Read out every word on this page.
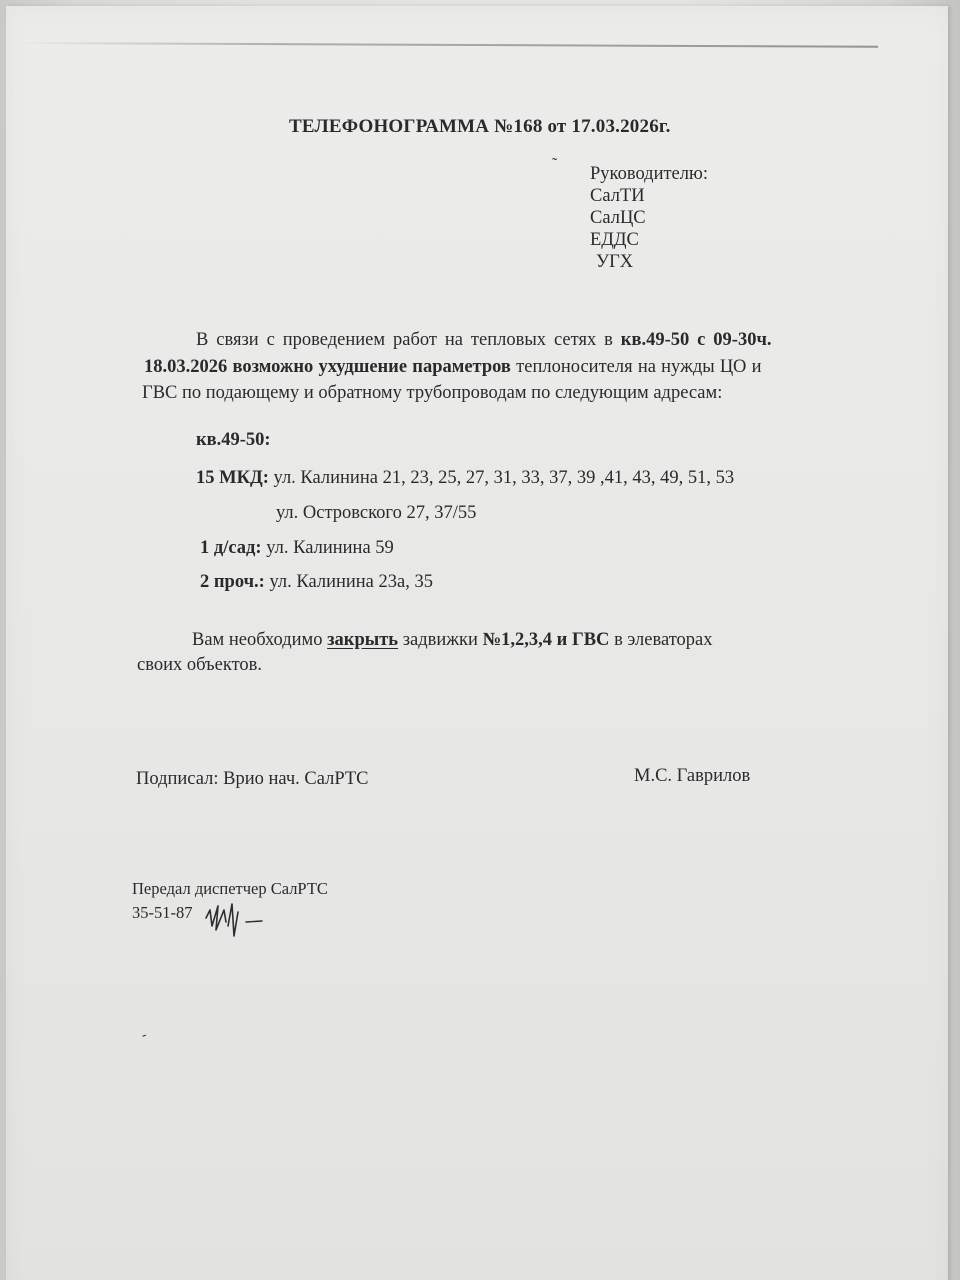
ТЕЛЕФОНОГРАММА №168 от 17.03.2026г.

˷

Руководителю:

СалТИ

СалЦС

ЕДДС

УГХ

В связи с проведением работ на тепловых сетях в кв.49-50 с 09-30ч.

18.03.2026 возможно ухудшение параметров теплоносителя на нужды ЦО и

ГВС по подающему и обратному трубопроводам по следующим адресам:

кв.49-50:

15 МКД: ул. Калинина 21, 23, 25, 27, 31, 33, 37, 39 ,41, 43, 49, 51, 53

ул. Островского 27, 37/55

1 д/сад: ул. Калинина 59

2 проч.: ул. Калинина 23а, 35

Вам необходимо закрыть задвижки №1,2,3,4 и ГВС в элеваторах

своих объектов.

Подписал: Врио нач. СалРТС	М.С. Гаврилов

Передал диспетчер СалРТС

35-51-87

-
